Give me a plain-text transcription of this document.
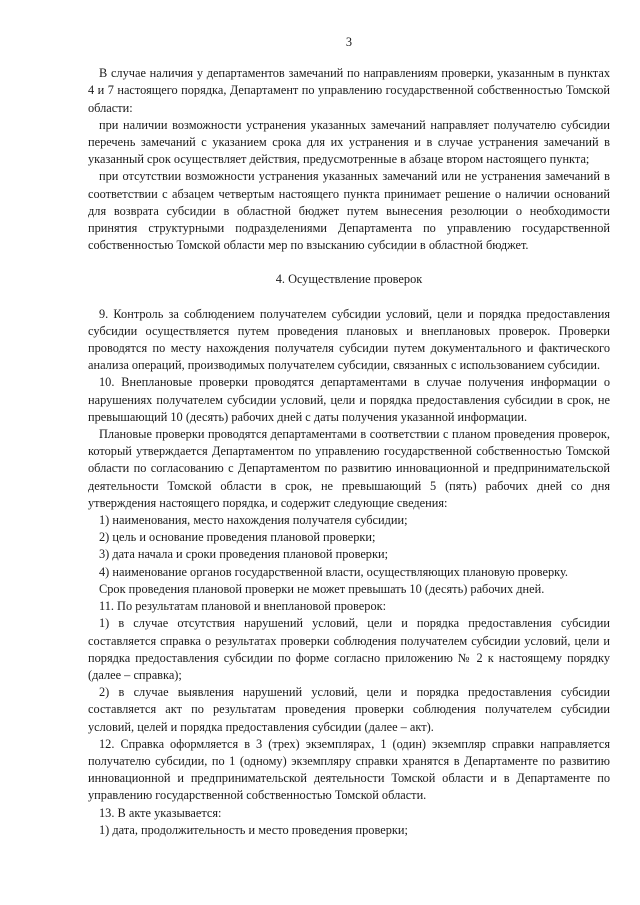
3

В случае наличия у департаментов замечаний по направлениям проверки, указанным в пунктах 4 и 7 настоящего порядка, Департамент по управлению государственной собственностью Томской области:

при наличии возможности устранения указанных замечаний направляет получателю субсидии перечень замечаний с указанием срока для их устранения и в случае устранения замечаний в указанный срок осуществляет действия, предусмотренные в абзаце втором настоящего пункта;

при отсутствии возможности устранения указанных замечаний или не устранения замечаний в соответствии с абзацем четвертым настоящего пункта принимает решение о наличии оснований для возврата субсидии в областной бюджет путем вынесения резолюции о необходимости принятия структурными подразделениями Департамента по управлению государственной собственностью Томской области мер по взысканию субсидии в областной бюджет.

4. Осуществление проверок

9. Контроль за соблюдением получателем субсидии условий, цели и порядка предоставления субсидии осуществляется путем проведения плановых и внеплановых проверок. Проверки проводятся по месту нахождения получателя субсидии путем документального и фактического анализа операций, производимых получателем субсидии, связанных с использованием субсидии.

10. Внеплановые проверки проводятся департаментами в случае получения информации о нарушениях получателем субсидии условий, цели и порядка предоставления субсидии в срок, не превышающий 10 (десять) рабочих дней с даты получения указанной информации.

Плановые проверки проводятся департаментами в соответствии с планом проведения проверок, который утверждается Департаментом по управлению государственной собственностью Томской области по согласованию с Департаментом по развитию инновационной и предпринимательской деятельности Томской области в срок, не превышающий 5 (пять) рабочих дней со дня утверждения настоящего порядка, и содержит следующие сведения:

1) наименования, место нахождения получателя субсидии;

2) цель и основание проведения плановой проверки;

3) дата начала и сроки проведения плановой проверки;

4) наименование органов государственной власти, осуществляющих плановую проверку.

Срок проведения плановой проверки не может превышать 10 (десять) рабочих дней.

11. По результатам плановой и внеплановой проверок:

1) в случае отсутствия нарушений условий, цели и порядка предоставления субсидии составляется справка о результатах проверки соблюдения получателем субсидии условий, цели и порядка предоставления субсидии по форме согласно приложению № 2 к настоящему порядку (далее – справка);

2) в случае выявления нарушений условий, цели и порядка предоставления субсидии составляется акт по результатам проведения проверки соблюдения получателем субсидии условий, целей и порядка предоставления субсидии (далее – акт).

12. Справка оформляется в 3 (трех) экземплярах, 1 (один) экземпляр справки направляется получателю субсидии, по 1 (одному) экземпляру справки хранятся в Департаменте по развитию инновационной и предпринимательской деятельности Томской области и в Департаменте по управлению государственной собственностью Томской области.

13. В акте указывается:

1) дата, продолжительность и место проведения проверки;
